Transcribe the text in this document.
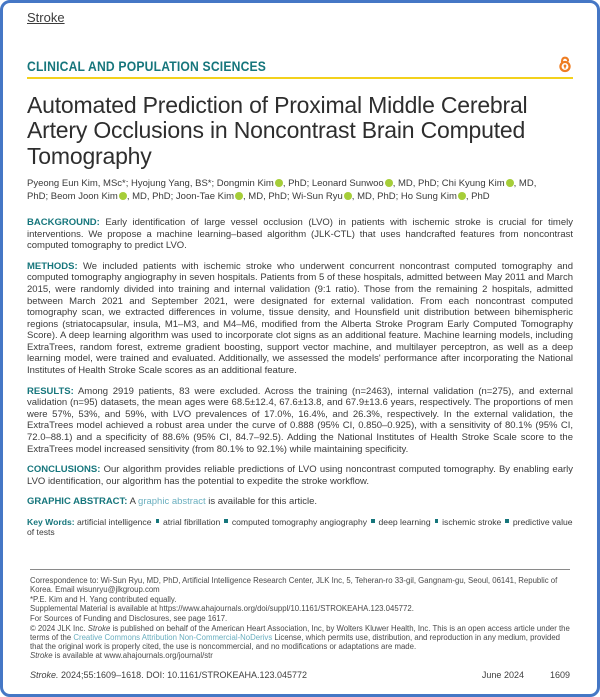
Stroke
CLINICAL AND POPULATION SCIENCES
Automated Prediction of Proximal Middle Cerebral Artery Occlusions in Noncontrast Brain Computed Tomography
Pyeong Eun Kim, MSc*; Hyojung Yang, BS*; Dongmin Kim , PhD; Leonard Sunwoo , MD, PhD; Chi Kyung Kim , MD, PhD; Beom Joon Kim , MD, PhD; Joon-Tae Kim , MD, PhD; Wi-Sun Ryu , MD, PhD; Ho Sung Kim , PhD

BACKGROUND: Early identification of large vessel occlusion (LVO) in patients with ischemic stroke is crucial for timely interventions. We propose a machine learning–based algorithm (JLK-CTL) that uses handcrafted features from noncontrast computed tomography to predict LVO.

METHODS: We included patients with ischemic stroke who underwent concurrent noncontrast computed tomography and computed tomography angiography in seven hospitals. Patients from 5 of these hospitals, admitted between May 2011 and March 2015, were randomly divided into training and internal validation (9:1 ratio). Those from the remaining 2 hospitals, admitted between March 2021 and September 2021, were designated for external validation. From each noncontrast computed tomography scan, we extracted differences in volume, tissue density, and Hounsfield unit distribution between bihemispheric regions (striatocapsular, insula, M1–M3, and M4–M6, modified from the Alberta Stroke Program Early Computed Tomography Score). A deep learning algorithm was used to incorporate clot signs as an additional feature. Machine learning models, including ExtraTrees, random forest, extreme gradient boosting, support vector machine, and multilayer perceptron, as well as a deep learning model, were trained and evaluated. Additionally, we assessed the models' performance after incorporating the National Institutes of Health Stroke Scale scores as an additional feature.

RESULTS: Among 2919 patients, 83 were excluded. Across the training (n=2463), internal validation (n=275), and external validation (n=95) datasets, the mean ages were 68.5±12.4, 67.6±13.8, and 67.9±13.6 years, respectively. The proportions of men were 57%, 53%, and 59%, with LVO prevalences of 17.0%, 16.4%, and 26.3%, respectively. In the external validation, the ExtraTrees model achieved a robust area under the curve of 0.888 (95% CI, 0.850–0.925), with a sensitivity of 80.1% (95% CI, 72.0–88.1) and a specificity of 88.6% (95% CI, 84.7–92.5). Adding the National Institutes of Health Stroke Scale score to the ExtraTrees model increased sensitivity (from 80.1% to 92.1%) while maintaining specificity.

CONCLUSIONS: Our algorithm provides reliable predictions of LVO using noncontrast computed tomography. By enabling early LVO identification, our algorithm has the potential to expedite the stroke workflow.

GRAPHIC ABSTRACT: A graphic abstract is available for this article.

Key Words: artificial intelligence atrial fibrillation computed tomography angiography deep learning ischemic stroke predictive value of tests

Correspondence to: Wi-Sun Ryu, MD, PhD, Artificial Intelligence Research Center, JLK Inc, 5, Teheran-ro 33-gil, Gangnam-gu, Seoul, 06141, Republic of Korea. Email wisunryu@jlkgroup.com

*P.E. Kim and H. Yang contributed equally.

Supplemental Material is available at https://www.ahajournals.org/doi/suppl/10.1161/STROKEAHA.123.045772.

For Sources of Funding and Disclosures, see page 1617.

© 2024 JLK Inc. Stroke is published on behalf of the American Heart Association, Inc, by Wolters Kluwer Health, Inc. This is an open access article under the terms of the Creative Commons Attribution Non-Commercial-NoDerivs License, which permits use, distribution, and reproduction in any medium, provided that the original work is properly cited, the use is noncommercial, and no modifications or adaptations are made.

Stroke is available at www.ahajournals.org/journal/str

Stroke. 2024;55:1609–1618. DOI: 10.1161/STROKEAHA.123.045772	June 2024	1609
